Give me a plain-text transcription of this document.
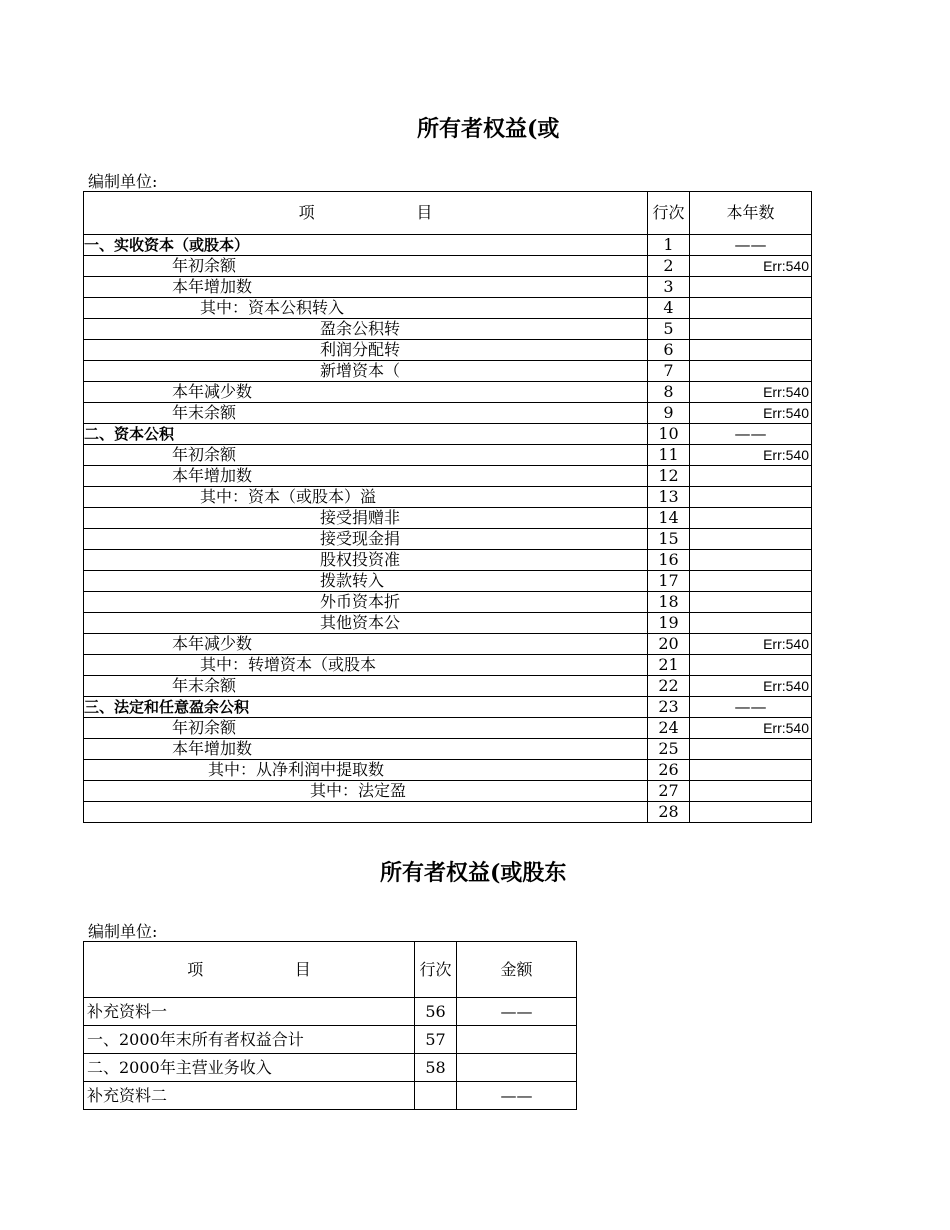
所有者权益(或
编制单位:
项                    目	行次	本年数
一、实收资本（或股本）	1	——
年初余额	2	Err:540
本年增加数	3	
其中：资本公积转入	4	
盈余公积转	5	
利润分配转	6	
新增资本（	7	
本年减少数	8	Err:540
年末余额	9	Err:540
二、资本公积	10	——
年初余额	11	Err:540
本年增加数	12	
其中：资本（或股本）溢	13	
接受捐赠非	14	
接受现金捐	15	
股权投资准	16	
拨款转入	17	
外币资本折	18	
其他资本公	19	
本年减少数	20	Err:540
其中：转增资本（或股本	21	
年末余额	22	Err:540
三、法定和任意盈余公积	23	——
年初余额	24	Err:540
本年增加数	25	
其中：从净利润中提取数	26	
其中：法定盈	27	
	28	
所有者权益(或股东
编制单位:
项                  目	行次	金额
补充资料一	56	——
一、2000年末所有者权益合计	57	
二、2000年主营业务收入	58	
补充资料二		——
